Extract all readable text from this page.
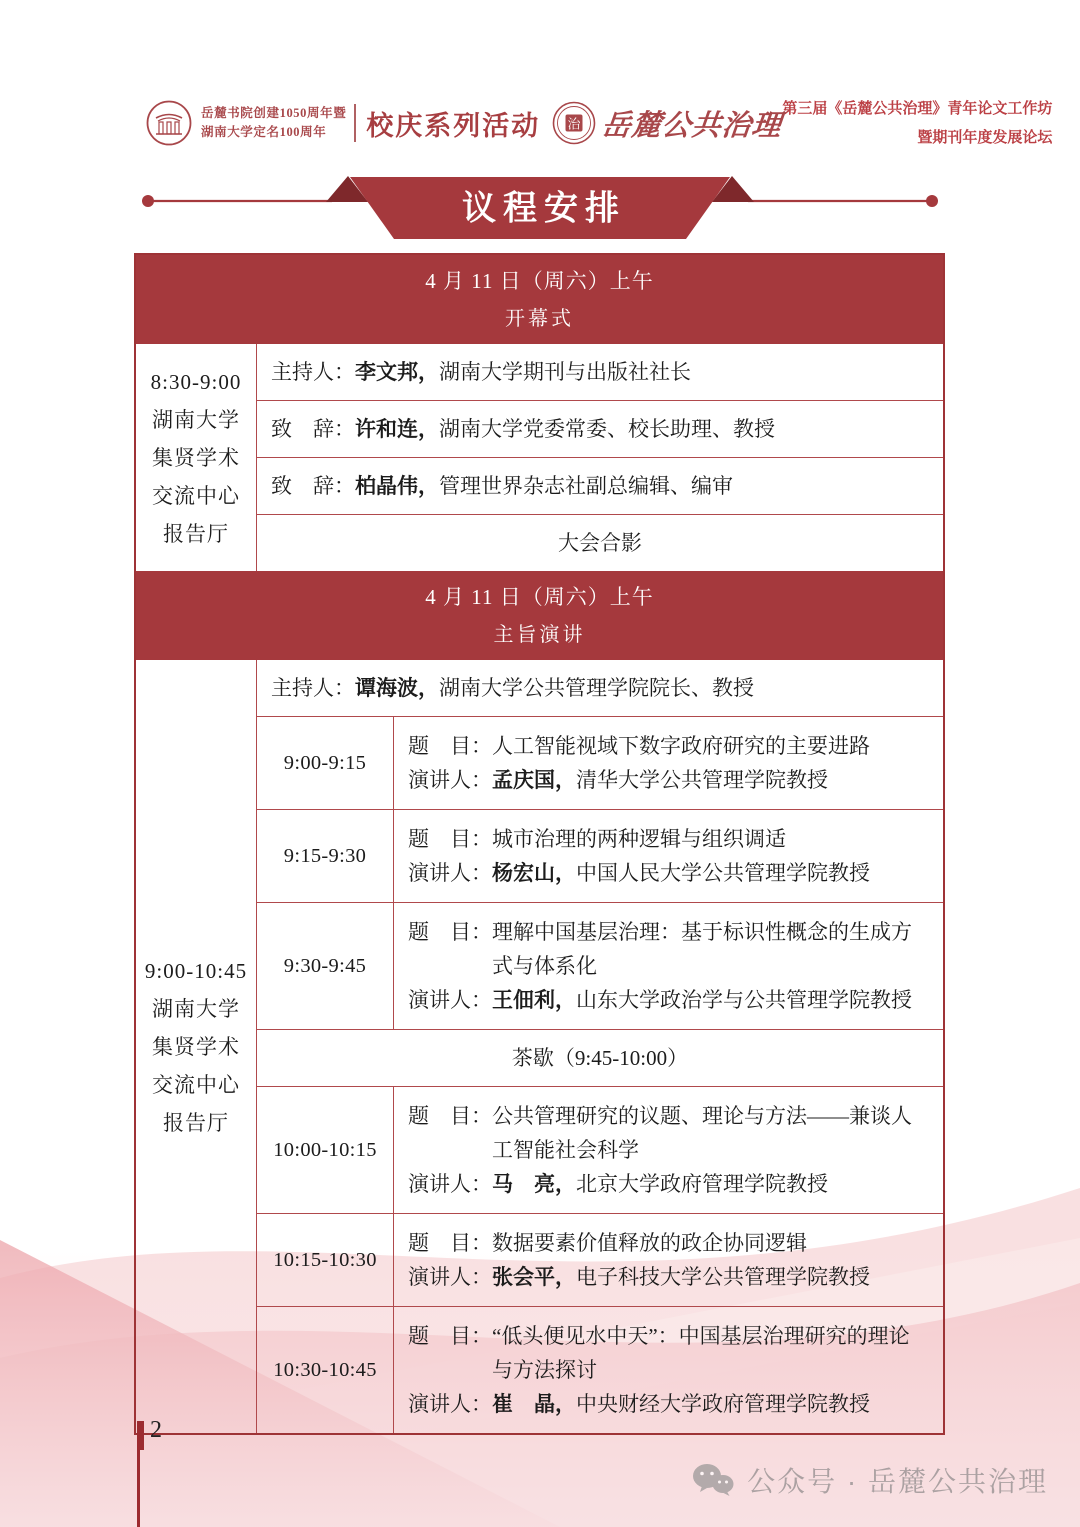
岳麓书院创建1050周年暨
湖南大学定名100周年	校庆系列活动 治 岳麓公共治理
第三届《岳麓公共治理》青年论文工作坊
暨期刊年度发展论坛
议程安排
4 月 11 日（周六）上午
开幕式
8:30-9:00
湖南大学
集贤学术
交流中心
报告厅
主持人： 李文邦， 湖南大学期刊与出版社社长
致　辞： 许和连， 湖南大学党委常委、校长助理、教授
致　辞： 柏晶伟， 管理世界杂志社副总编辑、编审
大会合影
4 月 11 日（周六）上午
主旨演讲
9:00-10:45
湖南大学
集贤学术
交流中心
报告厅
主持人： 谭海波， 湖南大学公共管理学院院长、教授
9:00-9:15
题　目： 人工智能视域下数字政府研究的主要进路
演讲人： 孟庆国，清华大学公共管理学院教授
9:15-9:30
题　目： 城市治理的两种逻辑与组织调适
演讲人： 杨宏山，中国人民大学公共管理学院教授
9:30-9:45
题　目： 理解中国基层治理：基于标识性概念的生成方式与体系化
演讲人： 王佃利，山东大学政治学与公共管理学院教授
茶歇（9:45-10:00）
10:00-10:15
题　目： 公共管理研究的议题、理论与方法——兼谈人工智能社会科学
演讲人： 马　亮，北京大学政府管理学院教授
10:15-10:30
题　目： 数据要素价值释放的政企协同逻辑
演讲人： 张会平，电子科技大学公共管理学院教授
10:30-10:45
题　目： “低头便见水中天”：中国基层治理研究的理论与方法探讨
演讲人： 崔　晶，中央财经大学政府管理学院教授
2
公众号 · 岳麓公共治理
